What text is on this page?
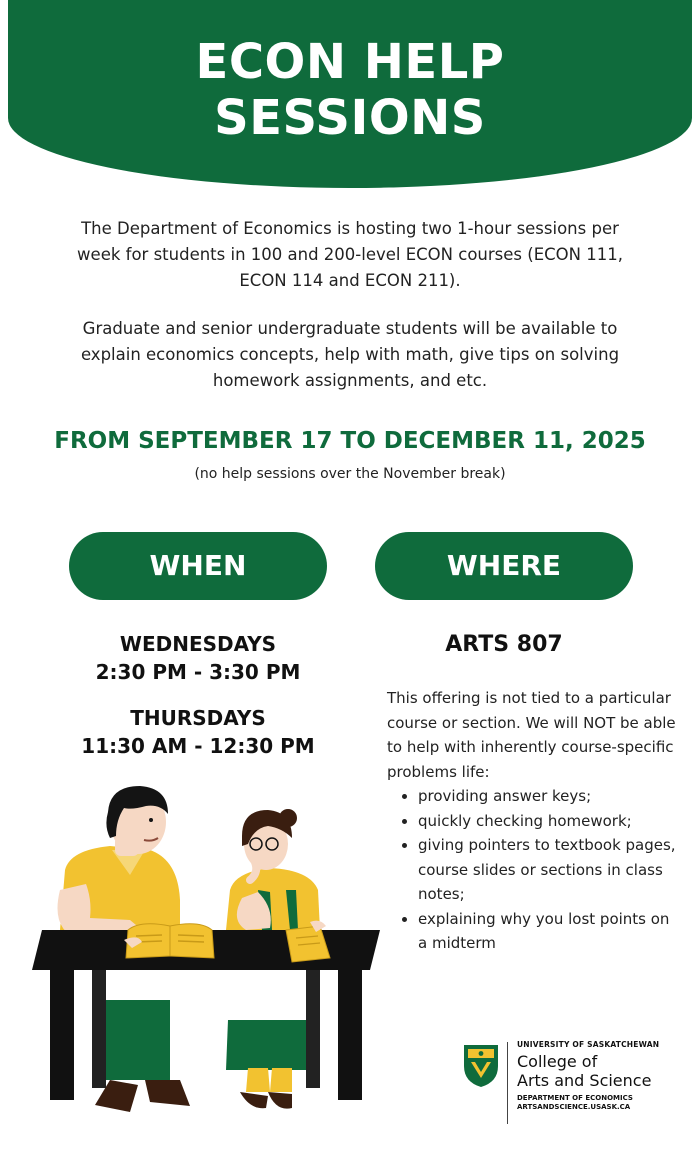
ECON HELP
SESSIONS

The Department of Economics is hosting two 1-hour sessions per week for students in 100 and 200-level ECON courses (ECON 111, ECON 114 and ECON 211).

Graduate and senior undergraduate students will be available to explain economics concepts, help with math, give tips on solving homework assignments, and etc.

FROM SEPTEMBER 17 TO DECEMBER 11, 2025

(no help sessions over the November break)

WHEN	WHERE
WEDNESDAYS
2:30 PM - 3:30 PM
THURSDAYS
11:30 AM - 12:30 PM
ARTS 807
This offering is not tied to a particular course or section. We will NOT be able to help with inherently course-specific problems life:
• providing answer keys;
• quickly checking homework;
• giving pointers to textbook pages, course slides or sections in class notes;
• explaining why you lost points on a midterm
UNIVERSITY OF SASKATCHEWAN
College of
Arts and Science
DEPARTMENT OF ECONOMICS
ARTSANDSCIENCE.USASK.CA
